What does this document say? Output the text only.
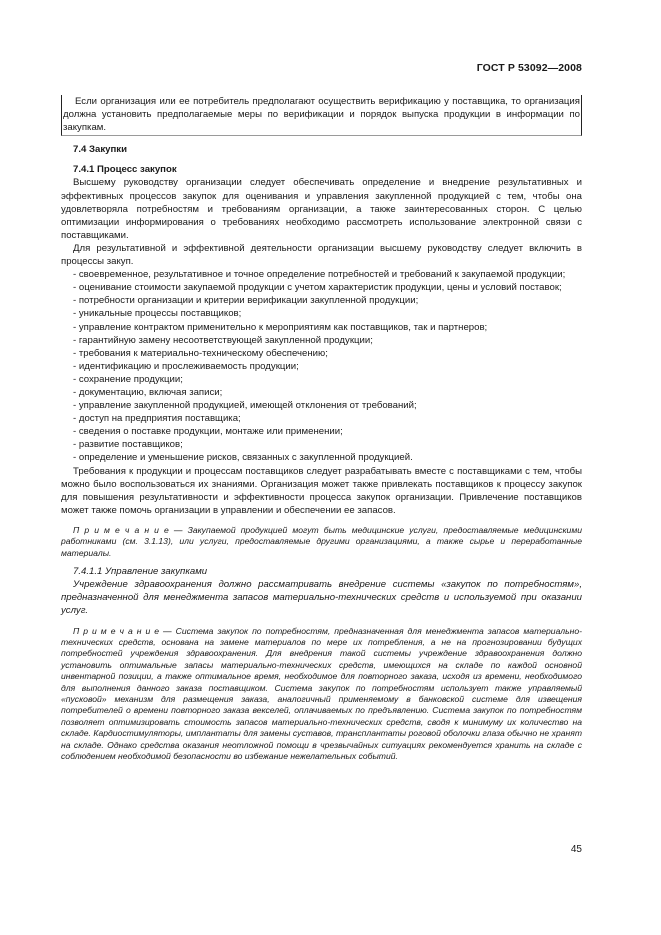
ГОСТ Р 53092—2008

Если организация или ее потребитель предполагают осуществить верификацию у поставщика, то организация должна установить предполагаемые меры по верификации и порядок выпуска продукции в информации по закупкам.

7.4 Закупки

7.4.1 Процесс закупок

Высшему руководству организации следует обеспечивать определение и внедрение результативных и эффективных процессов закупок для оценивания и управления закупленной продукцией с тем, чтобы она удовлетворяла потребностям и требованиям организации, а также заинтересованных сторон. С целью оптимизации информирования о требованиях необходимо рассмотреть использование электронной связи с поставщиками.

Для результативной и эффективной деятельности организации высшему руководству следует включить в процессы закуп.

- своевременное, результативное и точное определение потребностей и требований к закупаемой продукции;

- оценивание стоимости закупаемой продукции с учетом характеристик продукции, цены и условий поставок;

- потребности организации и критерии верификации закупленной продукции;

- уникальные процессы поставщиков;

- управление контрактом применительно к мероприятиям как поставщиков, так и партнеров;

- гарантийную замену несоответствующей закупленной продукции;

- требования к материально-техническому обеспечению;

- идентификацию и прослеживаемость продукции;

- сохранение продукции;

- документацию, включая записи;

- управление закупленной продукцией, имеющей отклонения от требований;

- доступ на предприятия поставщика;

- сведения о поставке продукции, монтаже или применении;

- развитие поставщиков;

- определение и уменьшение рисков, связанных с закупленной продукцией.

Требования к продукции и процессам поставщиков следует разрабатывать вместе с поставщиками с тем, чтобы можно было воспользоваться их знаниями. Организация может также привлекать поставщиков к процессу закупок для повышения результативности и эффективности процесса закупок организации. Привлечение поставщиков может также помочь организации в управлении и обеспечении ее запасов.

П р и м е ч а н и е — Закупаемой продукцией могут быть медицинские услуги, предоставляемые медицинскими работниками (см. 3.1.13), или услуги, предоставляемые другими организациями, а также сырье и переработанные материалы.

7.4.1.1 Управление закупками

Учреждение здравоохранения должно рассматривать внедрение системы «закупок по потребностям», предназначенной для менеджмента запасов материально-технических средств и используемой при оказании услуг.

П р и м е ч а н и е — Система закупок по потребностям, предназначенная для менеджмента запасов материально-технических средств, основана на замене материалов по мере их потребления, а не на прогнозировании будущих потребностей учреждения здравоохранения. Для внедрения такой системы учреждение здравоохранения должно установить оптимальные запасы материально-технических средств, имеющихся на складе по каждой основной инвентарной позиции, а также оптимальное время, необходимое для повторного заказа, исходя из времени, необходимого для выполнения данного заказа поставщиком. Система закупок по потребностям использует также управляемый «пусковой» механизм для размещения заказа, аналогичный применяемому в банковской системе для извещения потребителей о времени повторного заказа векселей, оплачиваемых по предъявлению. Система закупок по потребностям позволяет оптимизировать стоимость запасов материально-технических средств, сводя к минимуму их количество на складе. Кардиостимуляторы, имплантаты для замены суставов, трансплантаты роговой оболочки глаза обычно не хранят на складе. Однако средства оказания неотложной помощи в чрезвычайных ситуациях рекомендуется хранить на складе с соблюдением необходимой безопасности во избежание нежелательных событий.

45
